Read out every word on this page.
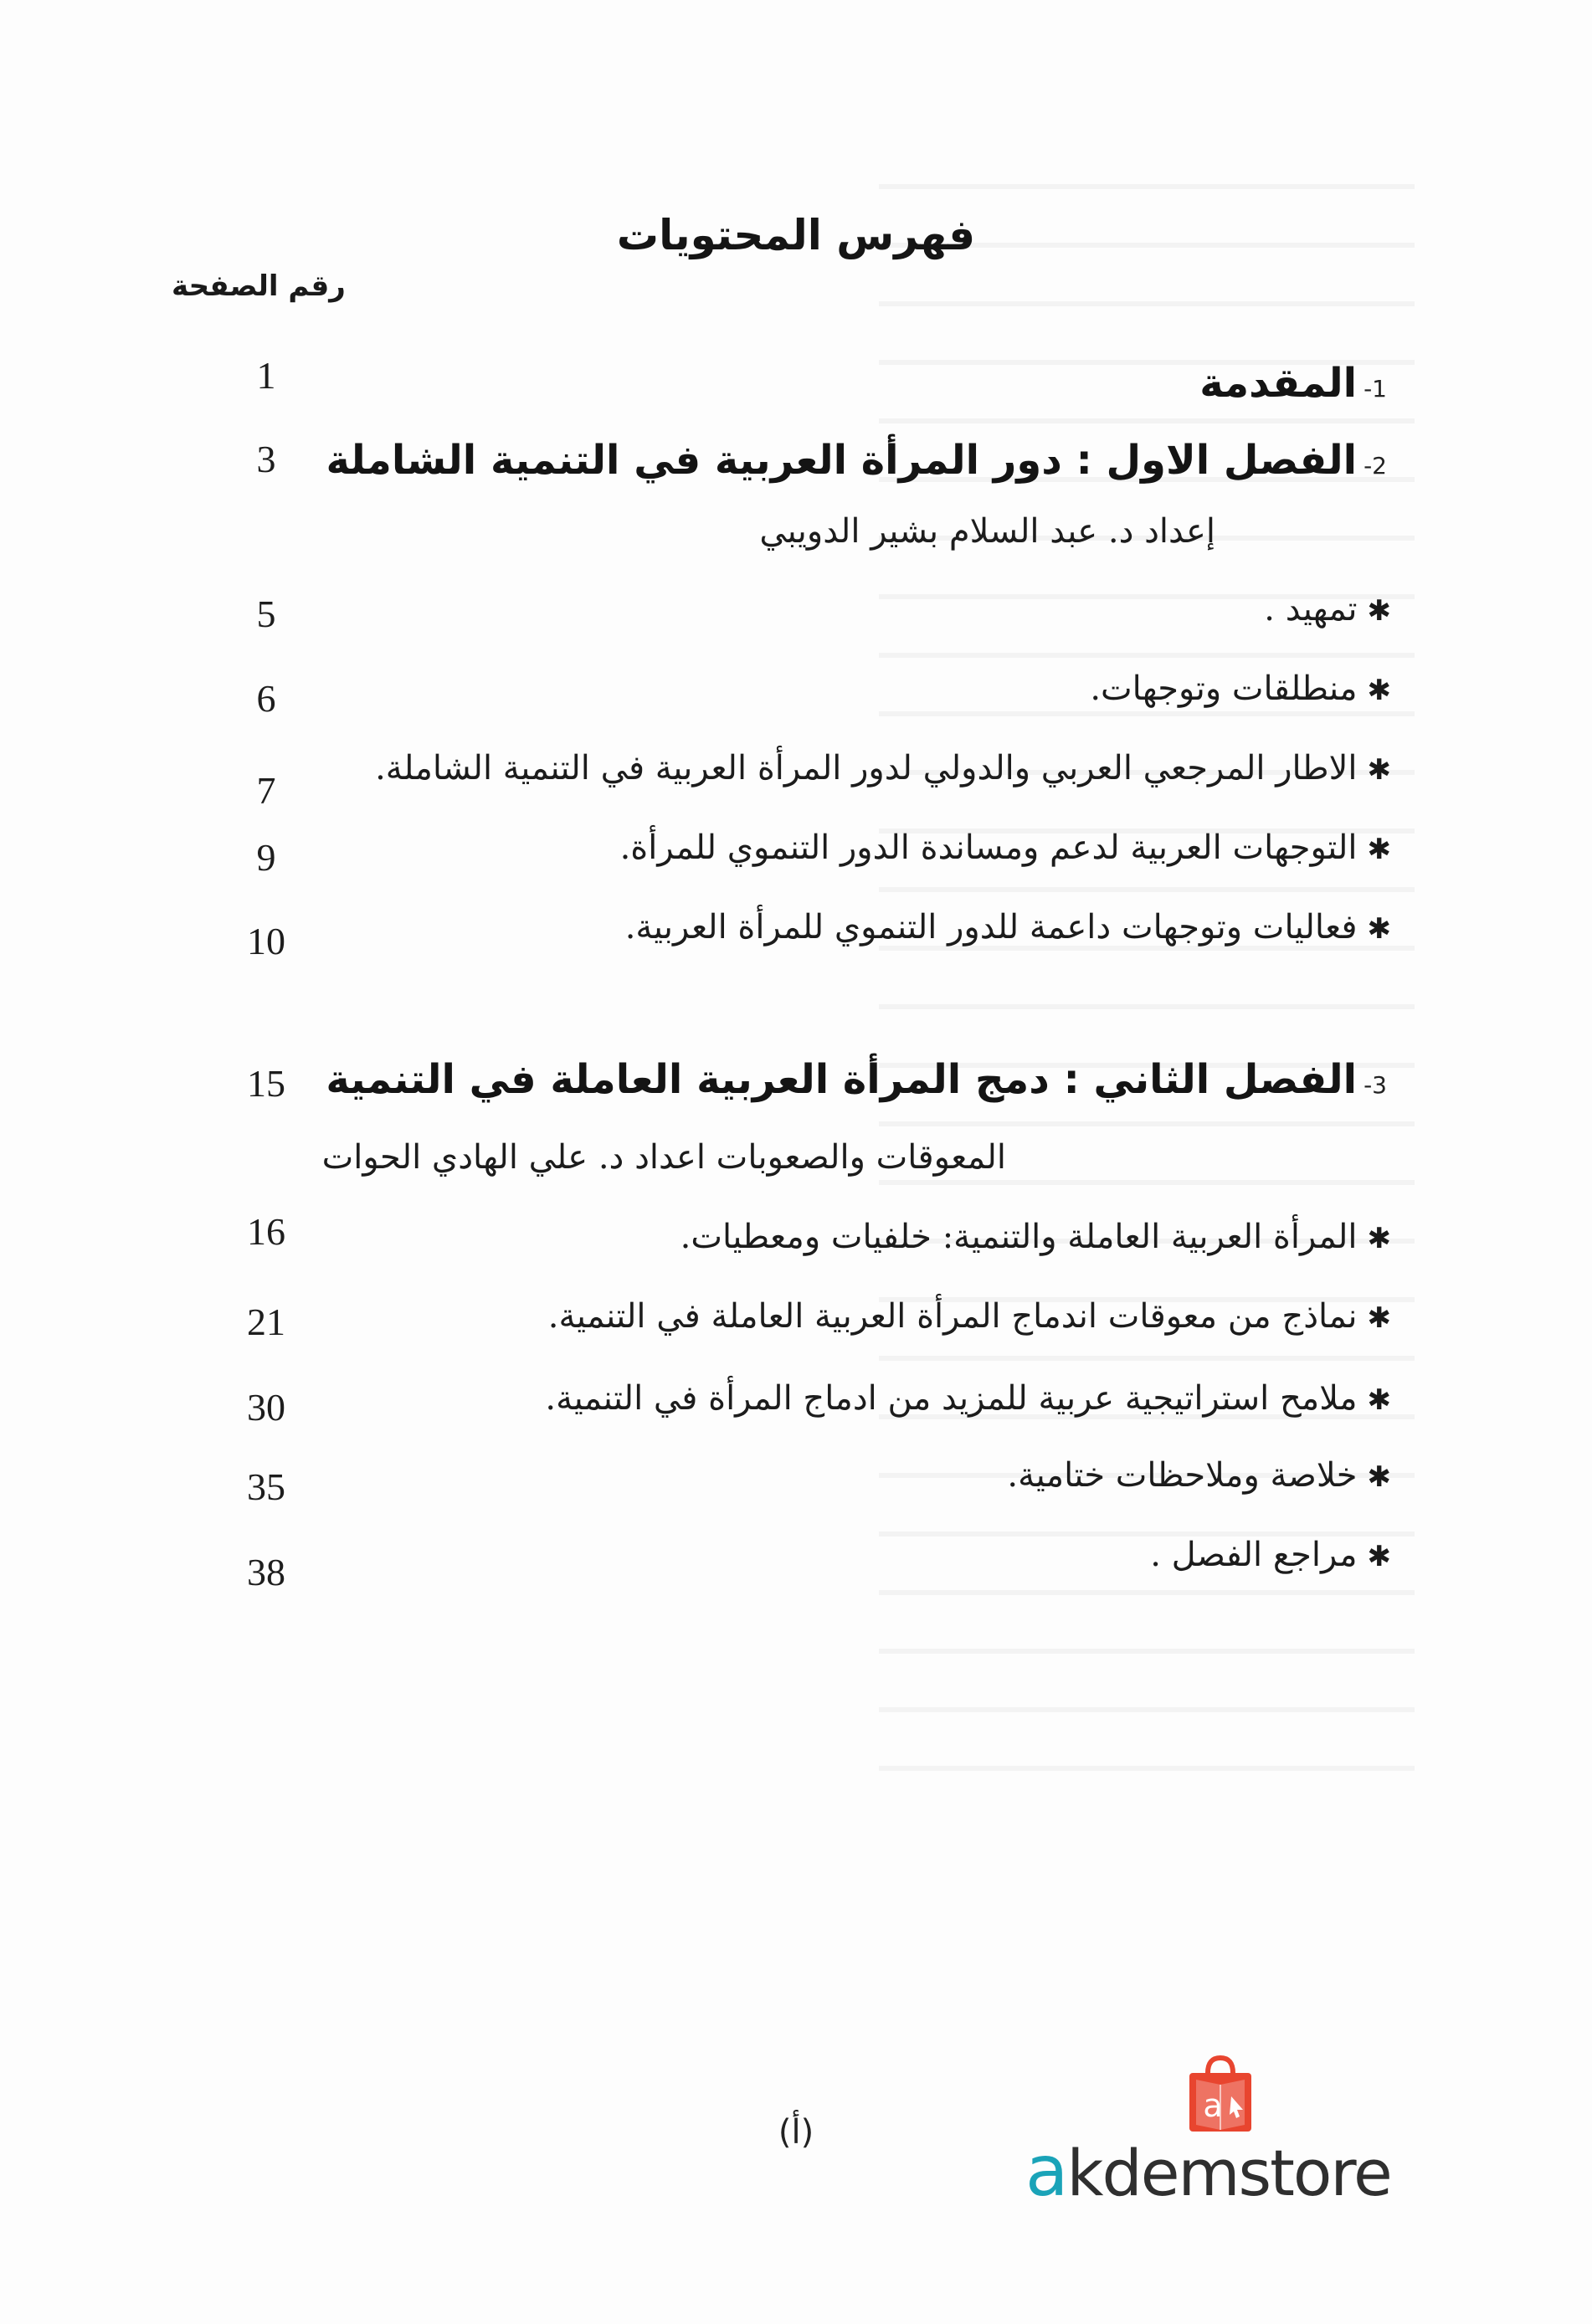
فهرس المحتويات
رقم الصفحة
1-المقدمة
1
2-الفصل الاول : دور المرأة العربية في التنمية الشاملة
3
إعداد د. عبد السلام بشير الدويبي
✱تمهيد .
5
✱منطلقات وتوجهات.
6
✱الاطار المرجعي العربي والدولي لدور المرأة العربية في التنمية الشاملة.
7
✱التوجهات العربية لدعم ومساندة الدور التنموي للمرأة.
9
✱فعاليات وتوجهات داعمة للدور التنموي للمرأة العربية.
10
3-الفصل الثاني : دمج المرأة العربية العاملة في التنمية
15
المعوقات والصعوبات اعداد د. علي الهادي الحوات
✱المرأة العربية العاملة والتنمية: خلفيات ومعطيات.
16
✱نماذج من معوقات اندماج المرأة العربية العاملة في التنمية.
21
✱ملامح استراتيجية عربية للمزيد من ادماج المرأة في التنمية.
30
✱خلاصة وملاحظات ختامية.
35
✱مراجع الفصل .
38
(أ)
a
akdemstore
